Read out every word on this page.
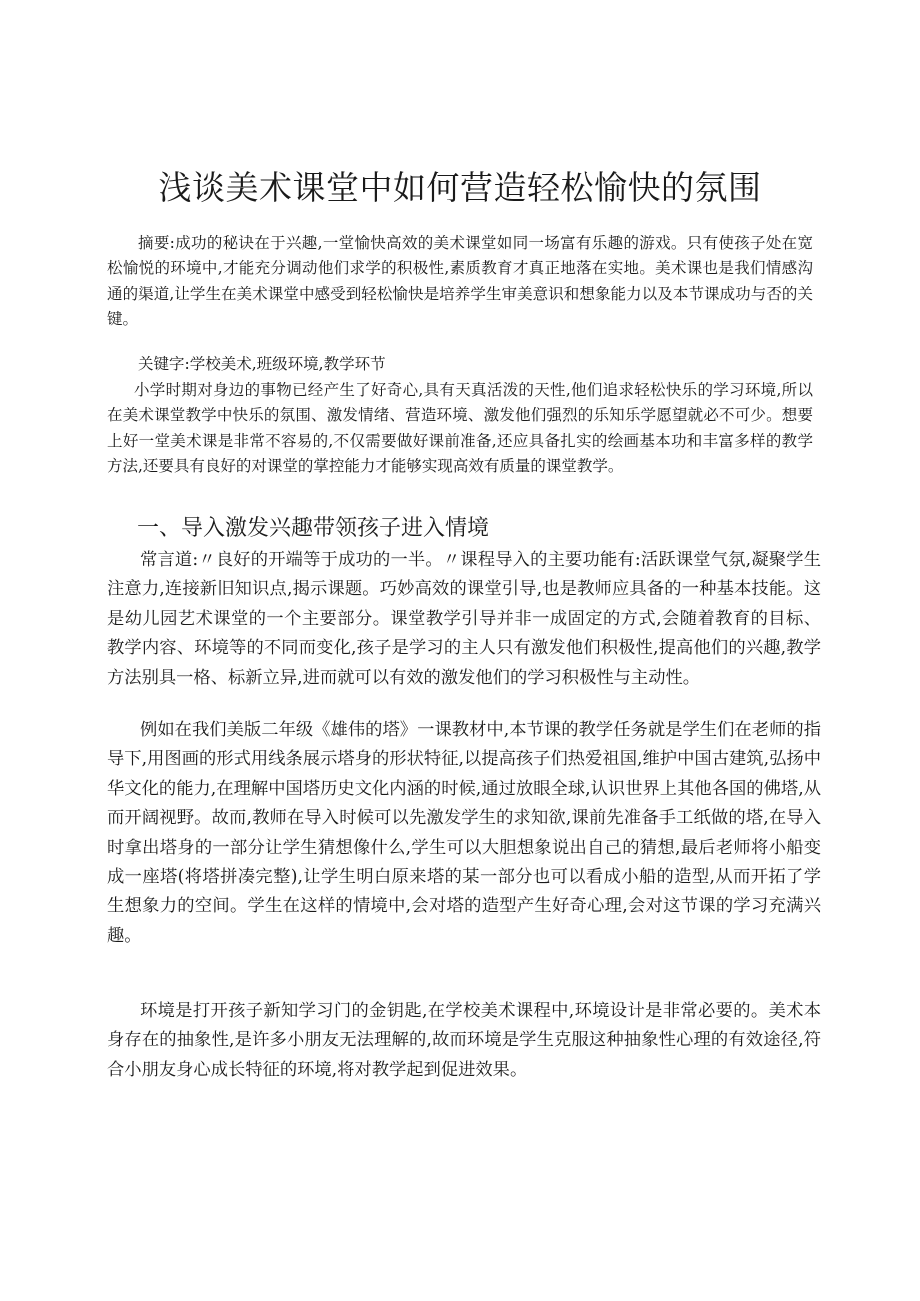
浅谈美术课堂中如何营造轻松愉快的氛围

摘要:成功的秘诀在于兴趣,一堂愉快高效的美术课堂如同一场富有乐趣的游戏。只有使孩子处在宽松愉悦的环境中,才能充分调动他们求学的积极性,素质教育才真正地落在实地。美术课也是我们情感沟通的渠道,让学生在美术课堂中感受到轻松愉快是培养学生审美意识和想象能力以及本节课成功与否的关键。

关键字:学校美术,班级环境,教学环节

小学时期对身边的事物已经产生了好奇心,具有天真活泼的天性,他们追求轻松快乐的学习环境,所以在美术课堂教学中快乐的氛围、激发情绪、营造环境、激发他们强烈的乐知乐学愿望就必不可少。想要上好一堂美术课是非常不容易的,不仅需要做好课前准备,还应具备扎实的绘画基本功和丰富多样的教学方法,还要具有良好的对课堂的掌控能力才能够实现高效有质量的课堂教学。

一、导入激发兴趣带领孩子进入情境

常言道:〃良好的开端等于成功的一半。〃课程导入的主要功能有:活跃课堂气氛,凝聚学生注意力,连接新旧知识点,揭示课题。巧妙高效的课堂引导,也是教师应具备的一种基本技能。这是幼儿园艺术课堂的一个主要部分。课堂教学引导并非一成固定的方式,会随着教育的目标、教学内容、环境等的不同而变化,孩子是学习的主人只有激发他们积极性,提高他们的兴趣,教学方法别具一格、标新立异,进而就可以有效的激发他们的学习积极性与主动性。

例如在我们美版二年级《雄伟的塔》一课教材中,本节课的教学任务就是学生们在老师的指导下,用图画的形式用线条展示塔身的形状特征,以提高孩子们热爱祖国,维护中国古建筑,弘扬中华文化的能力,在理解中国塔历史文化内涵的时候,通过放眼全球,认识世界上其他各国的佛塔,从而开阔视野。故而,教师在导入时候可以先激发学生的求知欲,课前先准备手工纸做的塔,在导入时拿出塔身的一部分让学生猜想像什么,学生可以大胆想象说出自己的猜想,最后老师将小船变成一座塔(将塔拼凑完整),让学生明白原来塔的某一部分也可以看成小船的造型,从而开拓了学生想象力的空间。学生在这样的情境中,会对塔的造型产生好奇心理,会对这节课的学习充满兴趣。

环境是打开孩子新知学习门的金钥匙,在学校美术课程中,环境设计是非常必要的。美术本身存在的抽象性,是许多小朋友无法理解的,故而环境是学生克服这种抽象性心理的有效途径,符合小朋友身心成长特征的环境,将对教学起到促进效果。
